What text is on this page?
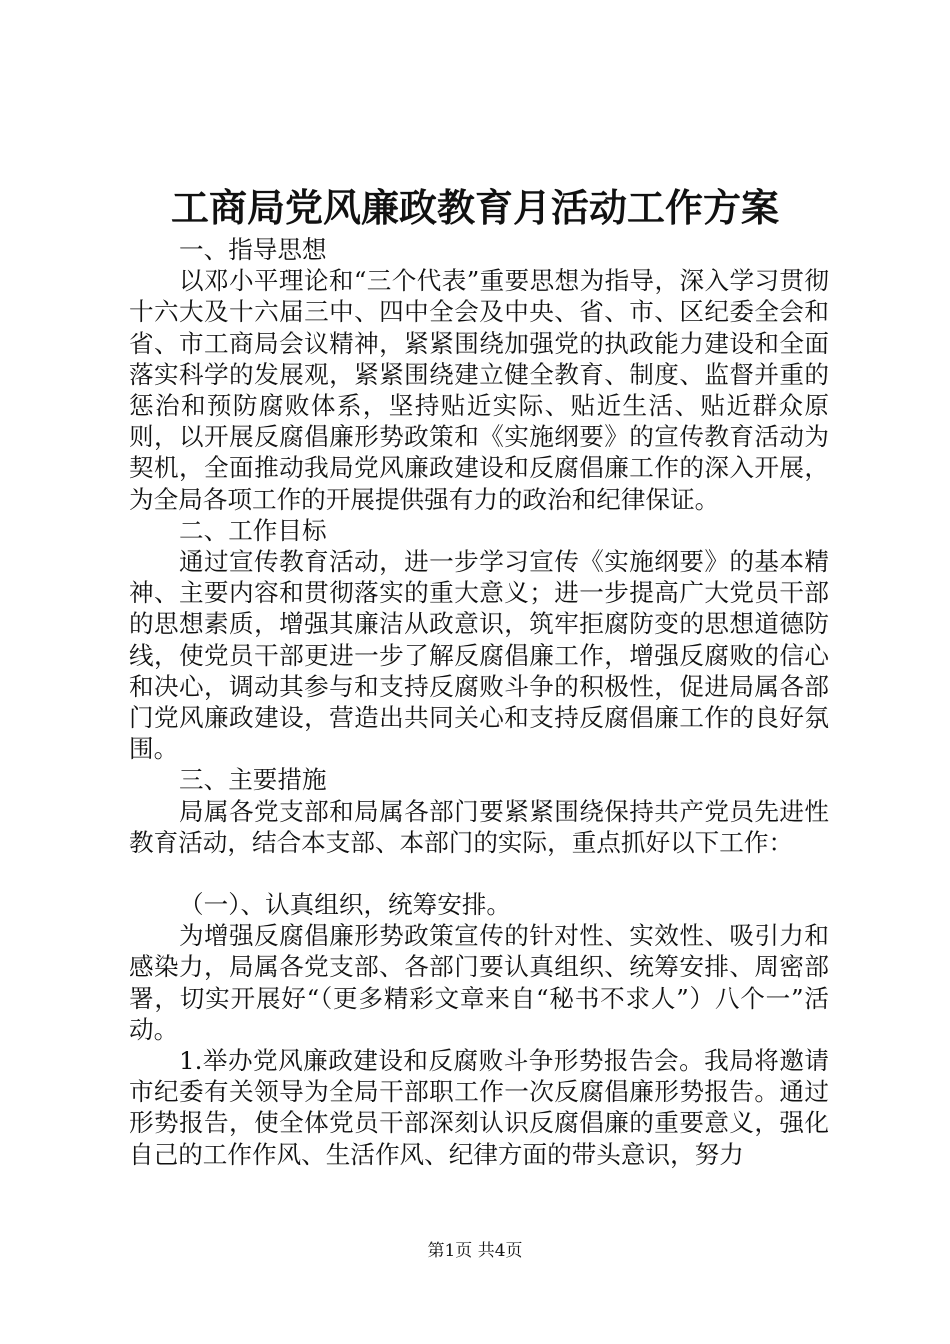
工商局党风廉政教育月活动工作方案

一、指导思想

以邓小平理论和“三个代表”重要思想为指导，深入学习贯彻十六大及十六届三中、四中全会及中央、省、市、区纪委全会和省、市工商局会议精神，紧紧围绕加强党的执政能力建设和全面落实科学的发展观，紧紧围绕建立健全教育、制度、监督并重的惩治和预防腐败体系，坚持贴近实际、贴近生活、贴近群众原则，以开展反腐倡廉形势政策和《实施纲要》的宣传教育活动为契机，全面推动我局党风廉政建设和反腐倡廉工作的深入开展，为全局各项工作的开展提供强有力的政治和纪律保证。

二、工作目标

通过宣传教育活动，进一步学习宣传《实施纲要》的基本精神、主要内容和贯彻落实的重大意义；进一步提高广大党员干部的思想素质，增强其廉洁从政意识，筑牢拒腐防变的思想道德防线，使党员干部更进一步了解反腐倡廉工作，增强反腐败的信心和决心，调动其参与和支持反腐败斗争的积极性，促进局属各部门党风廉政建设，营造出共同关心和支持反腐倡廉工作的良好氛围。

三、主要措施

局属各党支部和局属各部门要紧紧围绕保持共产党员先进性教育活动，结合本支部、本部门的实际，重点抓好以下工作：

（一）、认真组织，统筹安排。

为增强反腐倡廉形势政策宣传的针对性、实效性、吸引力和感染力，局属各党支部、各部门要认真组织、统筹安排、周密部署，切实开展好“（更多精彩文章来自“秘书不求人”）八个一”活动。

1.举办党风廉政建设和反腐败斗争形势报告会。我局将邀请市纪委有关领导为全局干部职工作一次反腐倡廉形势报告。通过形势报告，使全体党员干部深刻认识反腐倡廉的重要意义，强化自己的工作作风、生活作风、纪律方面的带头意识，努力

第1页 共4页
